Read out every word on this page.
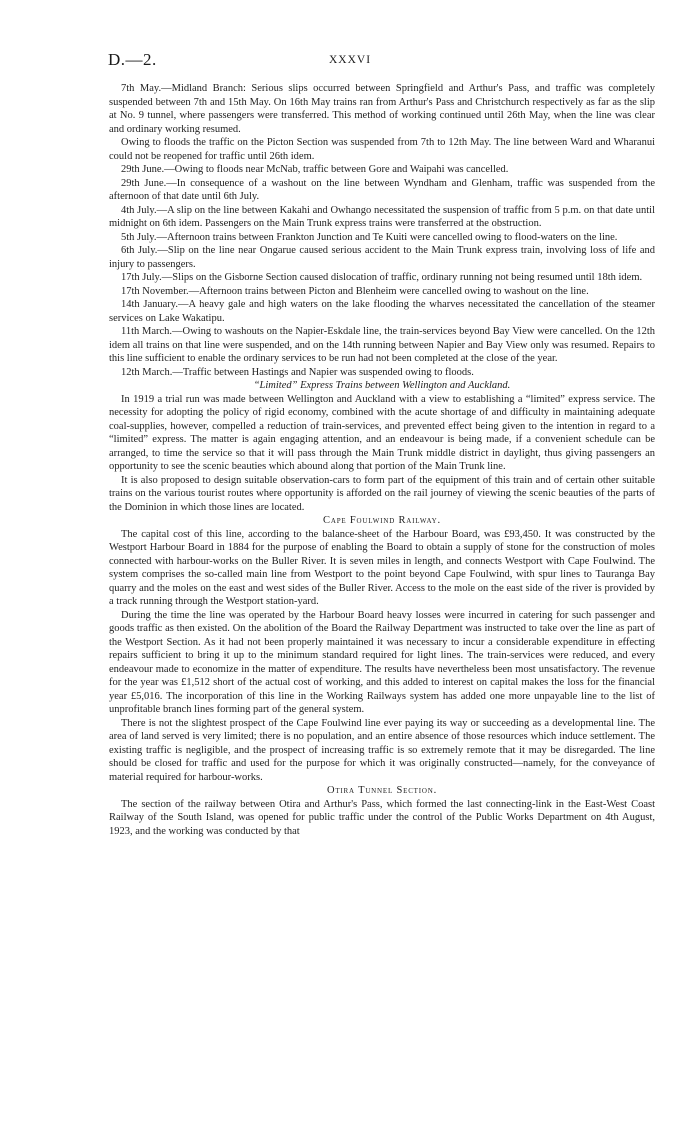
D.—2.	XXXVI

7th May.—Midland Branch: Serious slips occurred between Springfield and Arthur's Pass, and traffic was completely suspended between 7th and 15th May. On 16th May trains ran from Arthur's Pass and Christchurch respectively as far as the slip at No. 9 tunnel, where passengers were transferred. This method of working continued until 26th May, when the line was clear and ordinary working resumed.

Owing to floods the traffic on the Picton Section was suspended from 7th to 12th May. The line between Ward and Wharanui could not be reopened for traffic until 26th idem.

29th June.—Owing to floods near McNab, traffic between Gore and Waipahi was cancelled.

29th June.—In consequence of a washout on the line between Wyndham and Glenham, traffic was suspended from the afternoon of that date until 6th July.

4th July.—A slip on the line between Kakahi and Owhango necessitated the suspension of traffic from 5 p.m. on that date until midnight on 6th idem. Passengers on the Main Trunk express trains were transferred at the obstruction.

5th July.—Afternoon trains between Frankton Junction and Te Kuiti were cancelled owing to flood-waters on the line.

6th July.—Slip on the line near Ongarue caused serious accident to the Main Trunk express train, involving loss of life and injury to passengers.

17th July.—Slips on the Gisborne Section caused dislocation of traffic, ordinary running not being resumed until 18th idem.

17th November.—Afternoon trains between Picton and Blenheim were cancelled owing to washout on the line.

14th January.—A heavy gale and high waters on the lake flooding the wharves necessitated the cancellation of the steamer services on Lake Wakatipu.

11th March.—Owing to washouts on the Napier-Eskdale line, the train-services beyond Bay View were cancelled. On the 12th idem all trains on that line were suspended, and on the 14th running between Napier and Bay View only was resumed. Repairs to this line sufficient to enable the ordinary services to be run had not been completed at the close of the year.

12th March.—Traffic between Hastings and Napier was suspended owing to floods.

“Limited” Express Trains between Wellington and Auckland.

In 1919 a trial run was made between Wellington and Auckland with a view to establishing a “limited” express service. The necessity for adopting the policy of rigid economy, combined with the acute shortage of and difficulty in maintaining adequate coal-supplies, however, compelled a reduction of train-services, and prevented effect being given to the intention in regard to a “limited” express. The matter is again engaging attention, and an endeavour is being made, if a convenient schedule can be arranged, to time the service so that it will pass through the Main Trunk middle district in daylight, thus giving passengers an opportunity to see the scenic beauties which abound along that portion of the Main Trunk line.

It is also proposed to design suitable observation-cars to form part of the equipment of this train and of certain other suitable trains on the various tourist routes where opportunity is afforded on the rail journey of viewing the scenic beauties of the parts of the Dominion in which those lines are located.

Cape Foulwind Railway.

The capital cost of this line, according to the balance-sheet of the Harbour Board, was £93,450. It was constructed by the Westport Harbour Board in 1884 for the purpose of enabling the Board to obtain a supply of stone for the construction of moles connected with harbour-works on the Buller River. It is seven miles in length, and connects Westport with Cape Foulwind. The system comprises the so-called main line from Westport to the point beyond Cape Foulwind, with spur lines to Tauranga Bay quarry and the moles on the east and west sides of the Buller River. Access to the mole on the east side of the river is provided by a track running through the Westport station-yard.

During the time the line was operated by the Harbour Board heavy losses were incurred in catering for such passenger and goods traffic as then existed. On the abolition of the Board the Railway Department was instructed to take over the line as part of the Westport Section. As it had not been properly maintained it was necessary to incur a considerable expenditure in effecting repairs sufficient to bring it up to the minimum standard required for light lines. The train-services were reduced, and every endeavour made to economize in the matter of expenditure. The results have nevertheless been most unsatisfactory. The revenue for the year was £1,512 short of the actual cost of working, and this added to interest on capital makes the loss for the financial year £5,016. The incorporation of this line in the Working Railways system has added one more unpayable line to the list of unprofitable branch lines forming part of the general system.

There is not the slightest prospect of the Cape Foulwind line ever paying its way or succeeding as a developmental line. The area of land served is very limited; there is no population, and an entire absence of those resources which induce settlement. The existing traffic is negligible, and the prospect of increasing traffic is so extremely remote that it may be disregarded. The line should be closed for traffic and used for the purpose for which it was originally constructed—namely, for the conveyance of material required for harbour-works.

Otira Tunnel Section.

The section of the railway between Otira and Arthur's Pass, which formed the last connecting-link in the East-West Coast Railway of the South Island, was opened for public traffic under the control of the Public Works Department on 4th August, 1923, and the working was conducted by that
